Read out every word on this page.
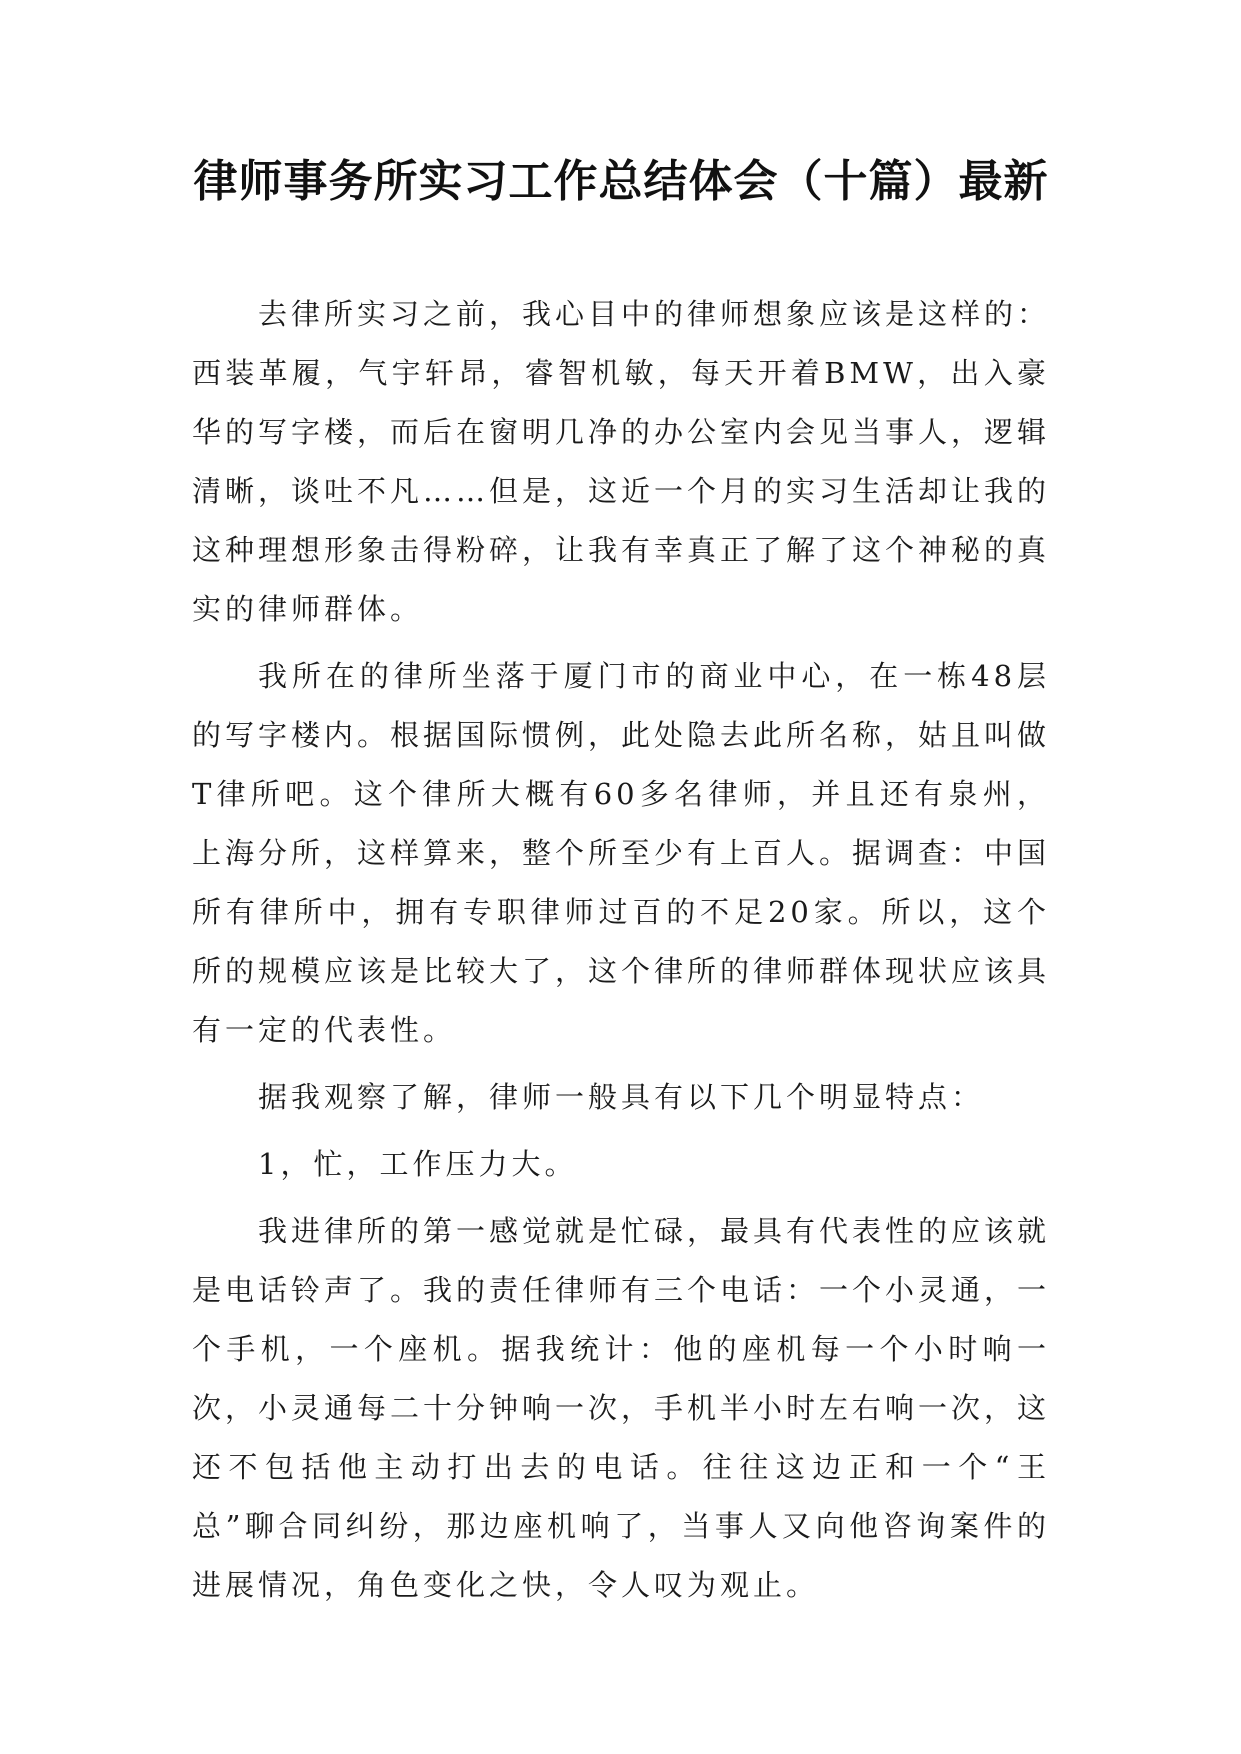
律师事务所实习工作总结体会（十篇）最新

去律所实习之前，我心目中的律师想象应该是这样的：西装革履，气宇轩昂，睿智机敏，每天开着BMW，出入豪华的写字楼，而后在窗明几净的办公室内会见当事人，逻辑清晰，谈吐不凡……但是，这近一个月的实习生活却让我的这种理想形象击得粉碎，让我有幸真正了解了这个神秘的真实的律师群体。

我所在的律所坐落于厦门市的商业中心，在一栋48层的写字楼内。根据国际惯例，此处隐去此所名称，姑且叫做T律所吧。这个律所大概有60多名律师，并且还有泉州，上海分所，这样算来，整个所至少有上百人。据调查：中国所有律所中，拥有专职律师过百的不足20家。所以，这个所的规模应该是比较大了，这个律所的律师群体现状应该具有一定的代表性。

据我观察了解，律师一般具有以下几个明显特点：

1，忙，工作压力大。

我进律所的第一感觉就是忙碌，最具有代表性的应该就是电话铃声了。我的责任律师有三个电话：一个小灵通，一个手机，一个座机。据我统计：他的座机每一个小时响一次，小灵通每二十分钟响一次，手机半小时左右响一次，这还不包括他主动打出去的电话。往往这边正和一个“王总”聊合同纠纷，那边座机响了，当事人又向他咨询案件的进展情况，角色变化之快，令人叹为观止。
